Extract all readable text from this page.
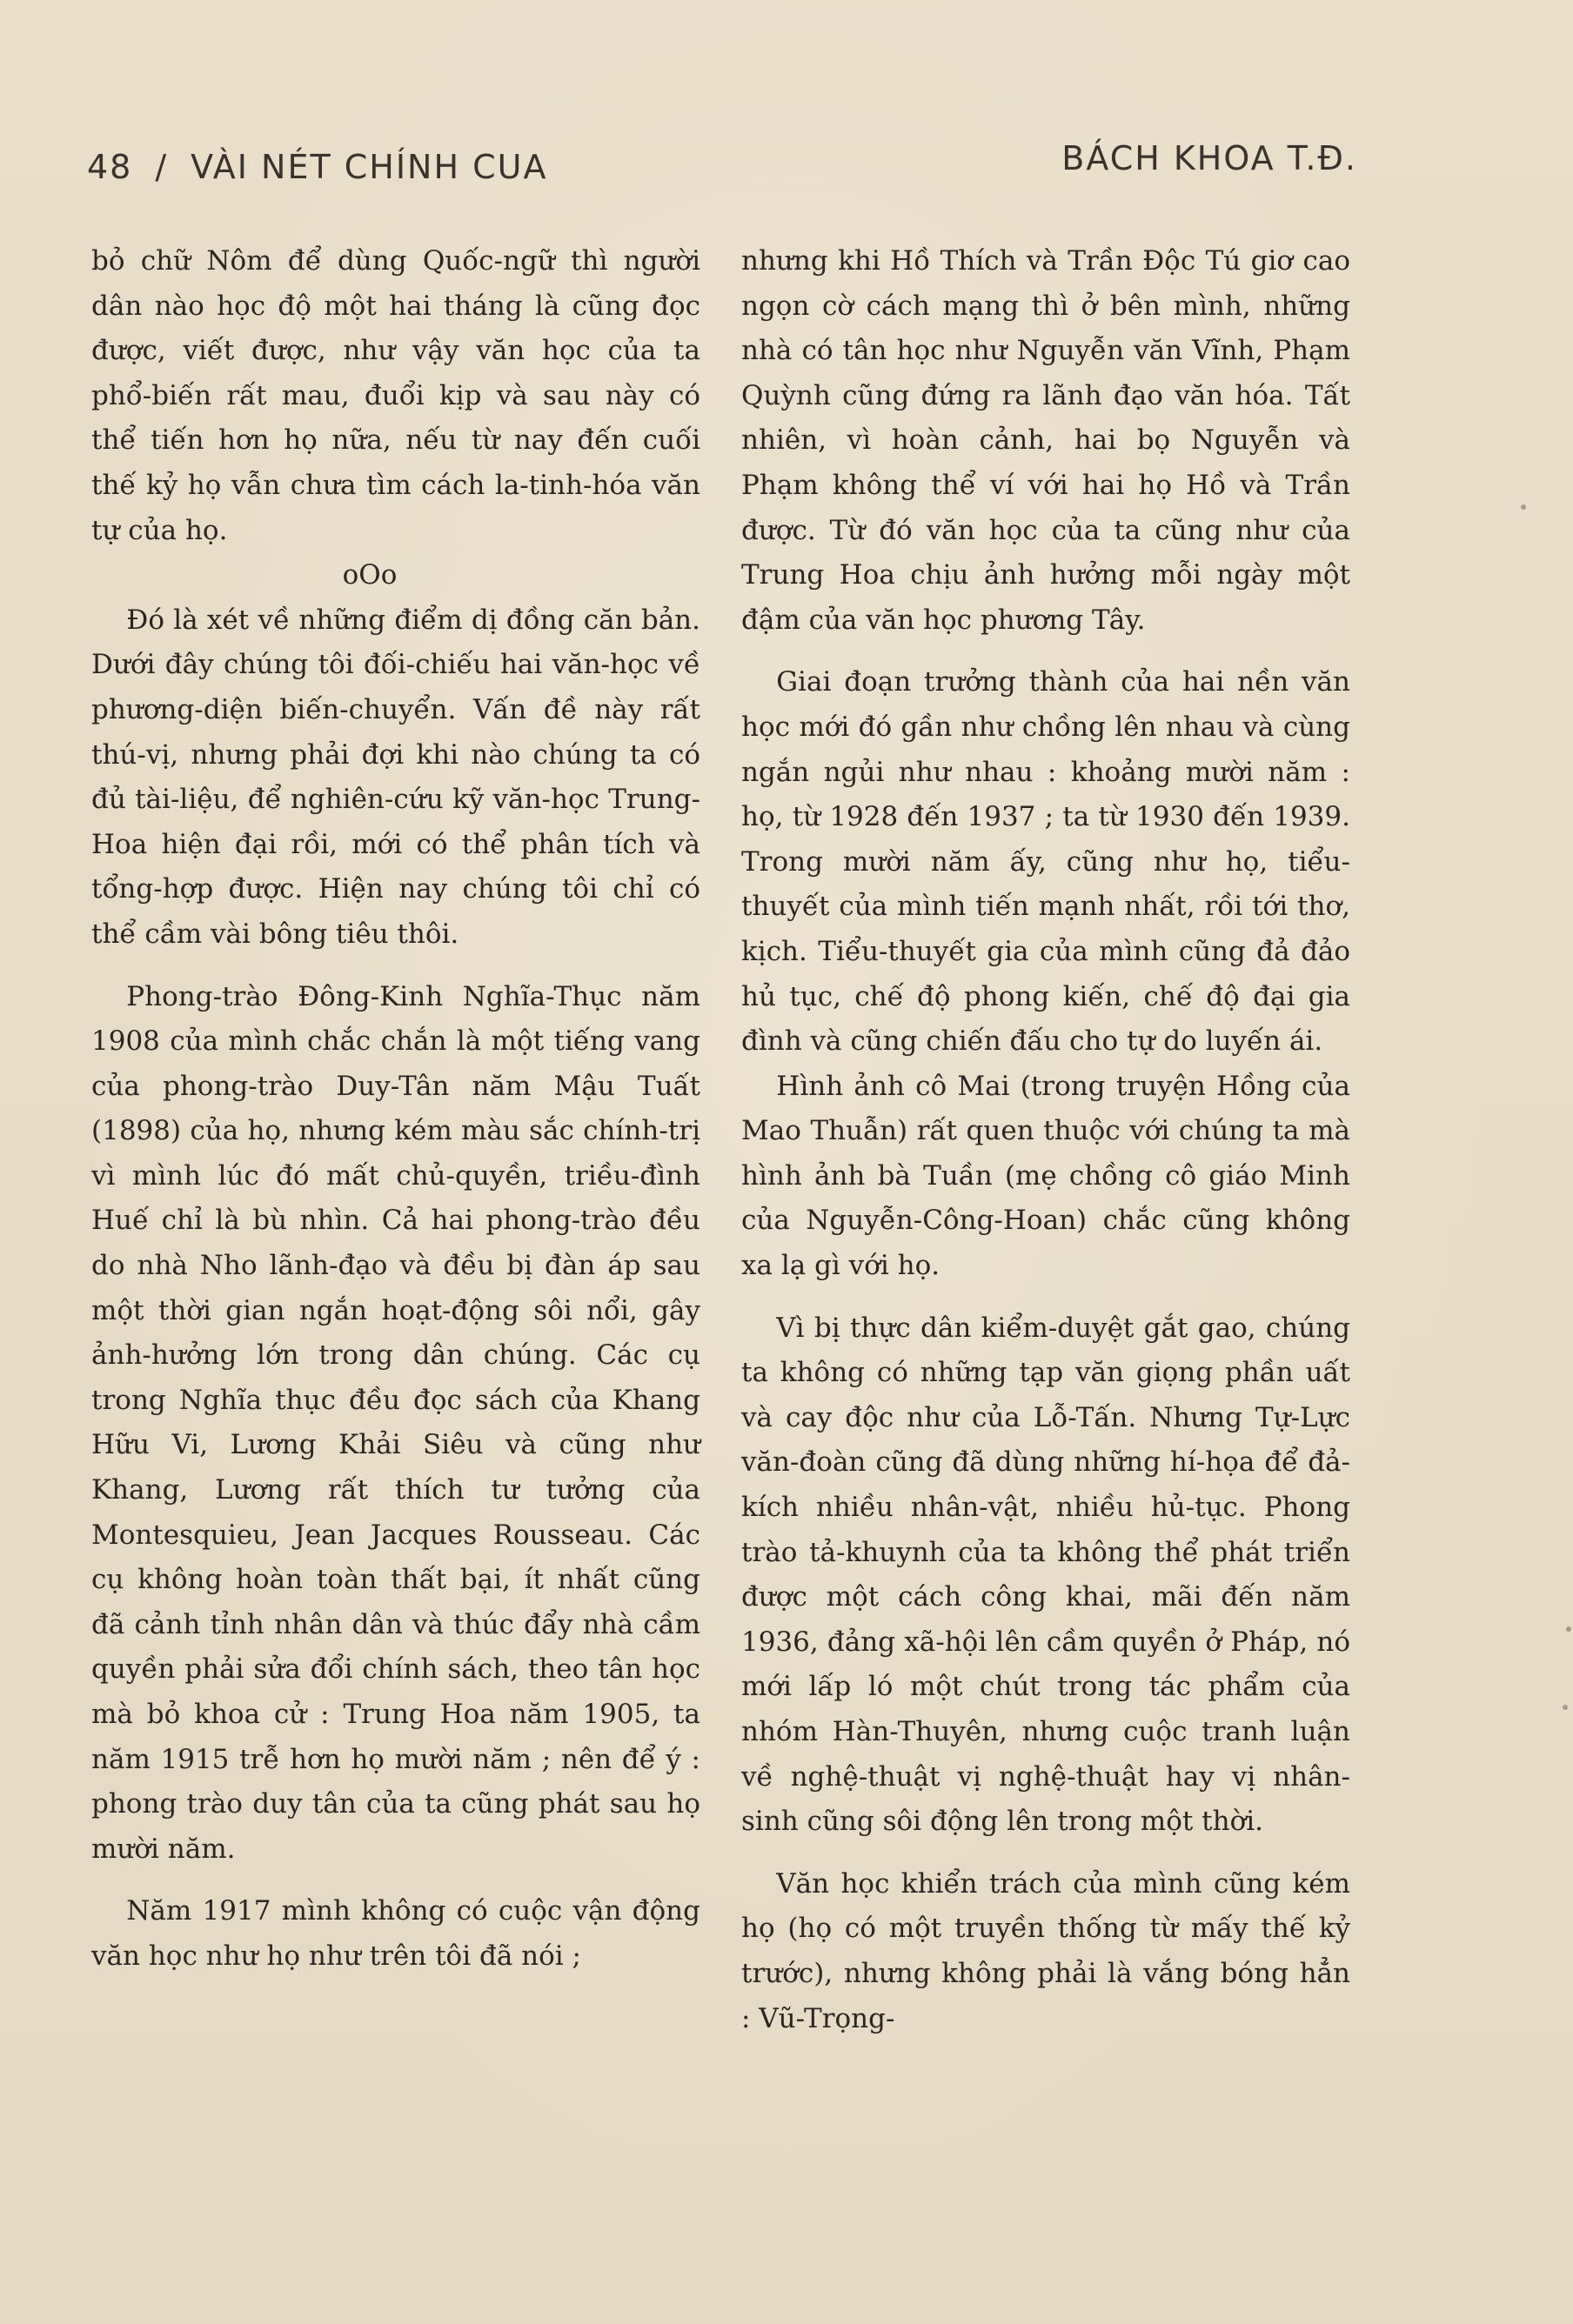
48 / VÀI NÉT CHÍNH CUA	BÁCH KHOA T.Đ.

bỏ chữ Nôm để dùng Quốc-ngữ thì người dân nào học độ một hai tháng là cũng đọc được, viết được, như vậy văn học của ta phổ-biến rất mau, đuổi kịp và sau này có thể tiến hơn họ nữa, nếu từ nay đến cuối thế kỷ họ vẫn chưa tìm cách la-tinh-hóa văn tự của họ.

oOo

Đó là xét về những điểm dị đồng căn bản. Dưới đây chúng tôi đối-chiếu hai văn-học về phương-diện biến-chuyển. Vấn đề này rất thú-vị, nhưng phải đợi khi nào chúng ta có đủ tài-liệu, để nghiên-cứu kỹ văn-học Trung-Hoa hiện đại rồi, mới có thể phân tích và tổng-hợp được. Hiện nay chúng tôi chỉ có thể cầm vài bông tiêu thôi.

Phong-trào Đông-Kinh Nghĩa-Thục năm 1908 của mình chắc chắn là một tiếng vang của phong-trào Duy-Tân năm Mậu Tuất (1898) của họ, nhưng kém màu sắc chính-trị vì mình lúc đó mất chủ-quyền, triều-đình Huế chỉ là bù nhìn. Cả hai phong-trào đều do nhà Nho lãnh-đạo và đều bị đàn áp sau một thời gian ngắn hoạt-động sôi nổi, gây ảnh-hưởng lớn trong dân chúng. Các cụ trong Nghĩa thục đều đọc sách của Khang Hữu Vi, Lương Khải Siêu và cũng như Khang, Lương rất thích tư tưởng của Montesquieu, Jean Jacques Rousseau. Các cụ không hoàn toàn thất bại, ít nhất cũng đã cảnh tỉnh nhân dân và thúc đẩy nhà cầm quyền phải sửa đổi chính sách, theo tân học mà bỏ khoa cử : Trung Hoa năm 1905, ta năm 1915 trễ hơn họ mười năm ; nên để ý : phong trào duy tân của ta cũng phát sau họ mười năm.

Năm 1917 mình không có cuộc vận động văn học như họ như trên tôi đã nói ;

nhưng khi Hồ Thích và Trần Độc Tú giơ cao ngọn cờ cách mạng thì ở bên mình, những nhà có tân học như Nguyễn văn Vĩnh, Phạm Quỳnh cũng đứng ra lãnh đạo văn hóa. Tất nhiên, vì hoàn cảnh, hai bọ Nguyễn và Phạm không thể ví với hai họ Hồ và Trần được. Từ đó văn học của ta cũng như của Trung Hoa chịu ảnh hưởng mỗi ngày một đậm của văn học phương Tây.

Giai đoạn trưởng thành của hai nền văn học mới đó gần như chồng lên nhau và cùng ngắn ngủi như nhau : khoảng mười năm : họ, từ 1928 đến 1937 ; ta từ 1930 đến 1939. Trong mười năm ấy, cũng như họ, tiểu-thuyết của mình tiến mạnh nhất, rồi tới thơ, kịch. Tiểu-thuyết gia của mình cũng đả đảo hủ tục, chế độ phong kiến, chế độ đại gia đình và cũng chiến đấu cho tự do luyến ái.

Hình ảnh cô Mai (trong truyện Hồng của Mao Thuẫn) rất quen thuộc với chúng ta mà hình ảnh bà Tuần (mẹ chồng cô giáo Minh của Nguyễn-Công-Hoan) chắc cũng không xa lạ gì với họ.

Vì bị thực dân kiểm-duyệt gắt gao, chúng ta không có những tạp văn giọng phần uất và cay độc như của Lỗ-Tấn. Nhưng Tự-Lực văn-đoàn cũng đã dùng những hí-họa để đả-kích nhiều nhân-vật, nhiều hủ-tục. Phong trào tả-khuynh của ta không thể phát triển được một cách công khai, mãi đến năm 1936, đảng xã-hội lên cầm quyền ở Pháp, nó mới lấp ló một chút trong tác phẩm của nhóm Hàn-Thuyên, nhưng cuộc tranh luận về nghệ-thuật vị nghệ-thuật hay vị nhân-sinh cũng sôi động lên trong một thời.

Văn học khiển trách của mình cũng kém họ (họ có một truyền thống từ mấy thế kỷ trước), nhưng không phải là vắng bóng hẳn : Vũ-Trọng-
